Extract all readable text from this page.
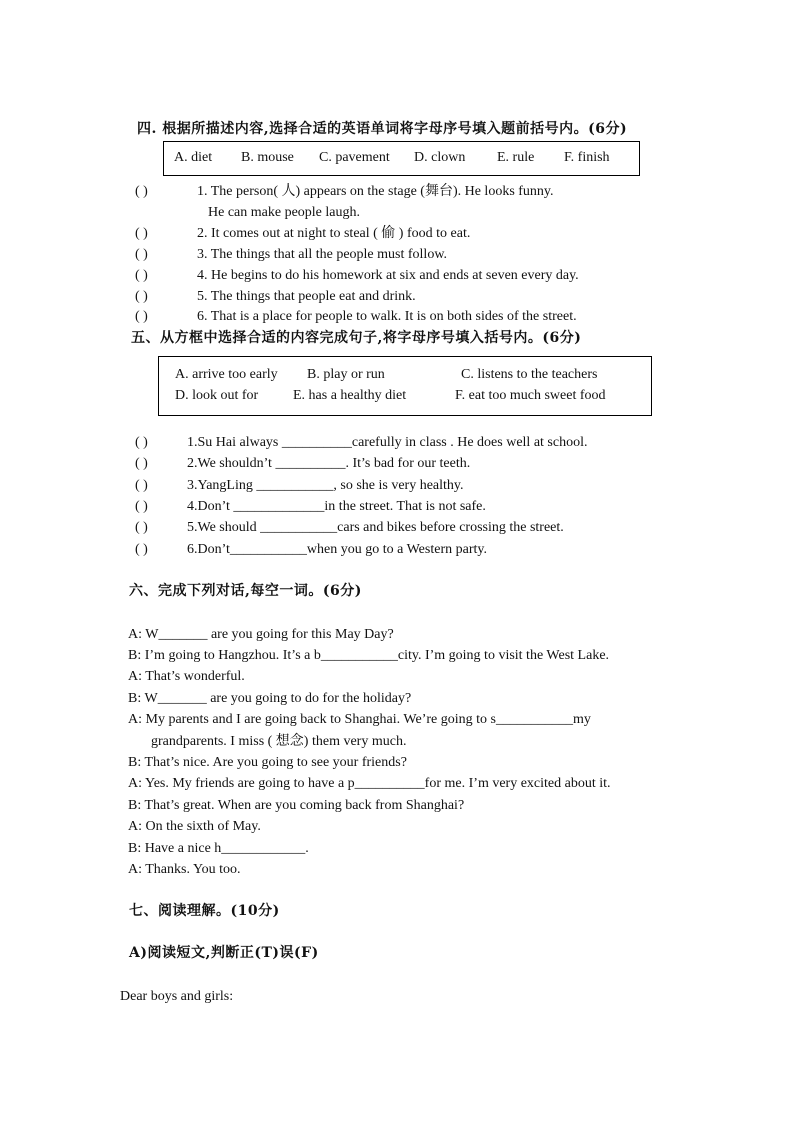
四. 根据所描述内容,选择合适的英语单词将字母序号填入题前括号内。(6分)
A. diet B. mouse C. pavement D. clown E. rule F. finish
( )	1. The person( 人) appears on the stage (舞台). He looks funny.
He can make people laugh.
( )	2. It comes out at night to steal ( 偷 ) food to eat.
( )	3. The things that all the people must follow.
( )	4. He begins to do his homework at six and ends at seven every day.
( )	5. The things that people eat and drink.
( )	6. That is a place for people to walk. It is on both sides of the street.
五、从方框中选择合适的内容完成句子,将字母序号填入括号内。(6分)
A. arrive too early B. play or run	C. listens to the teachers
D. look out for E. has a healthy diet	F. eat too much sweet food
( )	1.Su Hai always __________carefully in class . He does well at school.
( )	2.We shouldn’t __________. It’s bad for our teeth.
( )	3.YangLing ___________, so she is very healthy.
( )	4.Don’t _____________in the street. That is not safe.
( )	5.We should ___________cars and bikes before crossing the street.
( )	6.Don’t___________when you go to a Western party.
六、完成下列对话,每空一词。(6分)
A: W_______ are you going for this May Day?
B: I’m going to Hangzhou. It’s a b___________city. I’m going to visit the West Lake.
A: That’s wonderful.
B: W_______ are you going to do for the holiday?
A: My parents and I are going back to Shanghai. We’re going to s___________my
grandparents. I miss ( 想念) them very much.
B: That’s nice. Are you going to see your friends?
A: Yes. My friends are going to have a p__________for me. I’m very excited about it.
B: That’s great. When are you coming back from Shanghai?
A: On the sixth of May.
B: Have a nice h____________.
A: Thanks. You too.
七、阅读理解。(10分)
A)阅读短文,判断正(T)误(F)
Dear boys and girls:
